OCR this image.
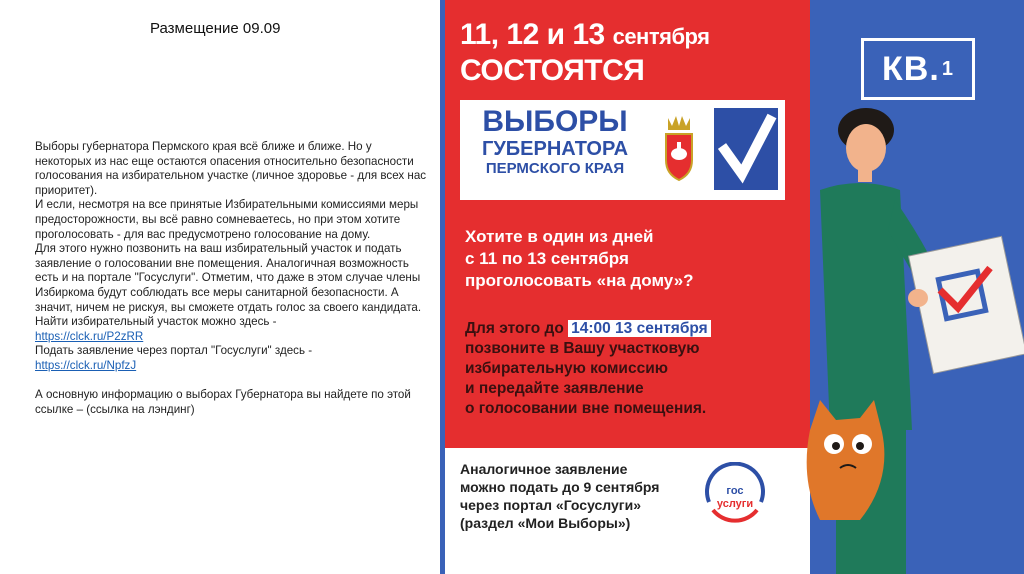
Размещение 09.09

Выборы губернатора Пермского края всё ближе и ближе. Но у некоторых из нас еще остаются опасения относительно безопасности голосования на избирательном участке (личное здоровье - для всех нас приоритет).

И если, несмотря на все принятые Избирательными комиссиями меры предосторожности, вы всё равно сомневаетесь, но при этом хотите проголосовать - для вас предусмотрено голосование на дому.

Для этого нужно позвонить на ваш избирательный участок и подать заявление о голосовании вне помещения. Аналогичная возможность есть и на портале "Госуслуги". Отметим, что даже в этом случае члены Избиркома будут соблюдать все меры санитарной безопасности. А значит, ничем не рискуя, вы сможете отдать голос за своего кандидата.

Найти избирательный участок можно здесь -

https://clck.ru/P2zRR

Подать заявление через портал "Госуслуги" здесь -

https://clck.ru/NpfzJ

А основную информацию о выборах Губернатора вы найдете по этой ссылке – (ссылка на лэндинг)

11, 12 и 13 сентября
СОСТОЯТСЯ
ВЫБОРЫ
ГУБЕРНАТОРА
ПЕРМСКОГО КРАЯ
Хотите в один из дней
с 11 по 13 сентября
проголосовать «на дому»?
Для этого до 14:00 13 сентября
позвоните в Вашу участковую
избирательную комиссию
и передайте заявление
о голосовании вне помещения.
Аналогичное заявление
можно подать до 9 сентября
через портал «Госуслуги»
(раздел «Мои Выборы»)
гос
услуги
КВ. 1
